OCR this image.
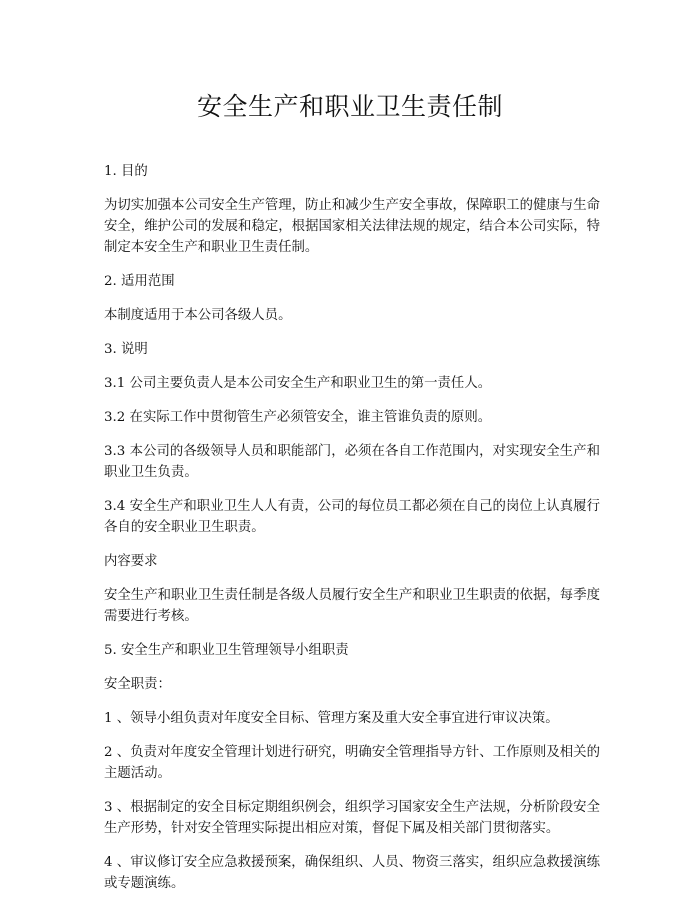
安全生产和职业卫生责任制

1. 目的

为切实加强本公司安全生产管理，防止和减少生产安全事故，保障职工的健康与生命安全，维护公司的发展和稳定，根据国家相关法律法规的规定，结合本公司实际，特制定本安全生产和职业卫生责任制。

2. 适用范围

本制度适用于本公司各级人员。

3. 说明

3.1 公司主要负责人是本公司安全生产和职业卫生的第一责任人。

3.2 在实际工作中贯彻管生产必须管安全，谁主管谁负责的原则。

3.3 本公司的各级领导人员和职能部门，必须在各自工作范围内，对实现安全生产和职业卫生负责。

3.4 安全生产和职业卫生人人有责，公司的每位员工都必须在自己的岗位上认真履行各自的安全职业卫生职责。

内容要求

安全生产和职业卫生责任制是各级人员履行安全生产和职业卫生职责的依据，每季度需要进行考核。

5. 安全生产和职业卫生管理领导小组职责

安全职责：

1 、领导小组负责对年度安全目标、管理方案及重大安全事宜进行审议决策。

2 、负责对年度安全管理计划进行研究，明确安全管理指导方针、工作原则及相关的主题活动。

3 、根据制定的安全目标定期组织例会，组织学习国家安全生产法规，分析阶段安全生产形势，针对安全管理实际提出相应对策，督促下属及相关部门贯彻落实。

4 、审议修订安全应急救援预案，确保组织、人员、物资三落实，组织应急救援演练或专题演练。
